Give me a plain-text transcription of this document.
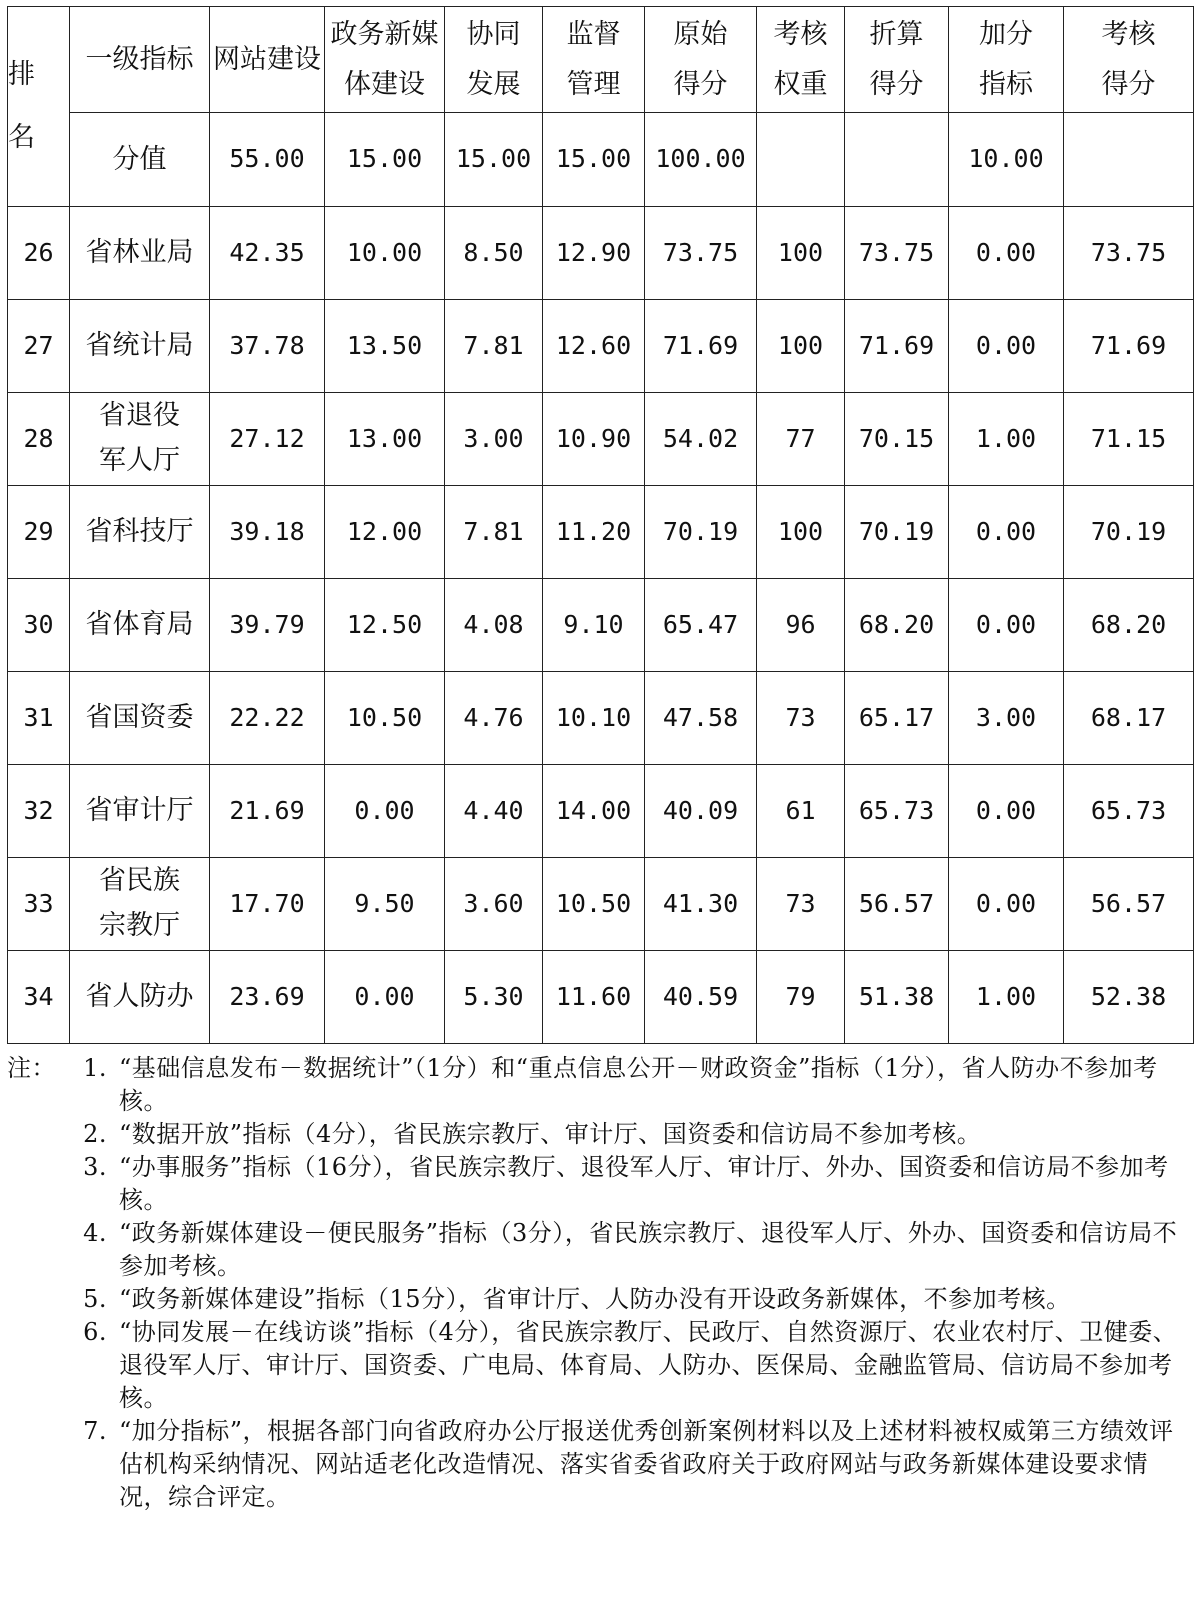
排名	一级指标	网站建设	政务新媒体建设	协同发展	监督管理	原始得分	考核权重	折算得分	加分指标	考核得分
	分值	55.00	15.00	15.00	15.00	100.00			10.00	
26	省林业局	42.35	10.00	8.50	12.90	73.75	100	73.75	0.00	73.75
27	省统计局	37.78	13.50	7.81	12.60	71.69	100	71.69	0.00	71.69
28	省退役军人厅	27.12	13.00	3.00	10.90	54.02	77	70.15	1.00	71.15
29	省科技厅	39.18	12.00	7.81	11.20	70.19	100	70.19	0.00	70.19
30	省体育局	39.79	12.50	4.08	9.10	65.47	96	68.20	0.00	68.20
31	省国资委	22.22	10.50	4.76	10.10	47.58	73	65.17	3.00	68.17
32	省审计厅	21.69	0.00	4.40	14.00	40.09	61	65.73	0.00	65.73
33	省民族宗教厅	17.70	9.50	3.60	10.50	41.30	73	56.57	0.00	56.57
34	省人防办	23.69	0.00	5.30	11.60	40.59	79	51.38	1.00	52.38
注： 1. “基础信息发布－数据统计”（1分）和“重点信息公开－财政资金”指标（1分），省人防办不参加考核。
2. “数据开放”指标（4分），省民族宗教厅、审计厅、国资委和信访局不参加考核。
3. “办事服务”指标（16分），省民族宗教厅、退役军人厅、审计厅、外办、国资委和信访局不参加考核。
4. “政务新媒体建设－便民服务”指标（3分），省民族宗教厅、退役军人厅、外办、国资委和信访局不参加考核。
5. “政务新媒体建设”指标（15分），省审计厅、人防办没有开设政务新媒体，不参加考核。
6. “协同发展－在线访谈”指标（4分），省民族宗教厅、民政厅、自然资源厅、农业农村厅、卫健委、退役军人厅、审计厅、国资委、广电局、体育局、人防办、医保局、金融监管局、信访局不参加考核。
7. “加分指标”，根据各部门向省政府办公厅报送优秀创新案例材料以及上述材料被权威第三方绩效评估机构采纳情况、网站适老化改造情况、落实省委省政府关于政府网站与政务新媒体建设要求情况，综合评定。
